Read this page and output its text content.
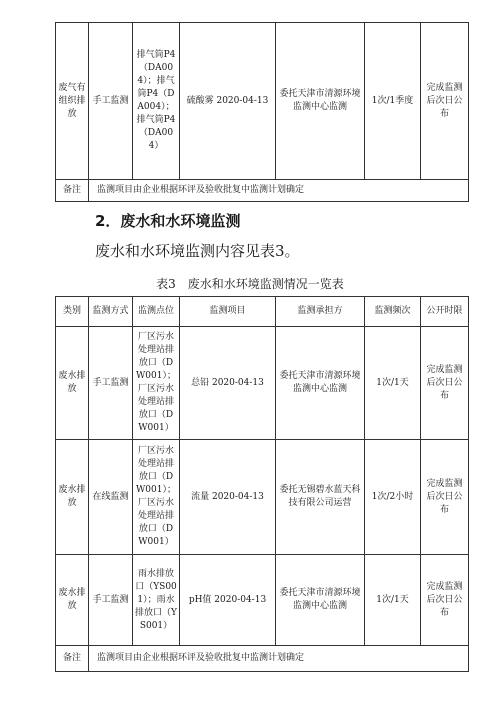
废气有组织排放	手工监测	排气筒P4（DA004）；排气筒P4（DA004）；排气筒P4（DA004）	硫酸雾 2020-04-13	委托天津市清源环境监测中心监测	1次/1季度	完成监测后次日公布
备注	监测项目由企业根据环评及验收批复中监测计划确定					
2．废水和水环境监测
废水和水环境监测内容见表3。
表3　废水和水环境监测情况一览表
类别	监测方式	监测点位	监测项目	监测承担方	监测频次	公开时限
废水排放	手工监测	厂区污水处理站排放口（DW001）；厂区污水处理站排放口（DW001）	总铅 2020-04-13	委托天津市清源环境监测中心监测	1次/1天	完成监测后次日公布
废水排放	在线监测	厂区污水处理站排放口（DW001）；厂区污水处理站排放口（DW001）	流量 2020-04-13	委托无锡碧水蓝天科技有限公司运营	1次/2小时	完成监测后次日公布
废水排放	手工监测	雨水排放口（YS001）；雨水排放口（YS001）	pH值 2020-04-13	委托天津市清源环境监测中心监测	1次/1天	完成监测后次日公布
备注	监测项目由企业根据环评及验收批复中监测计划确定					
